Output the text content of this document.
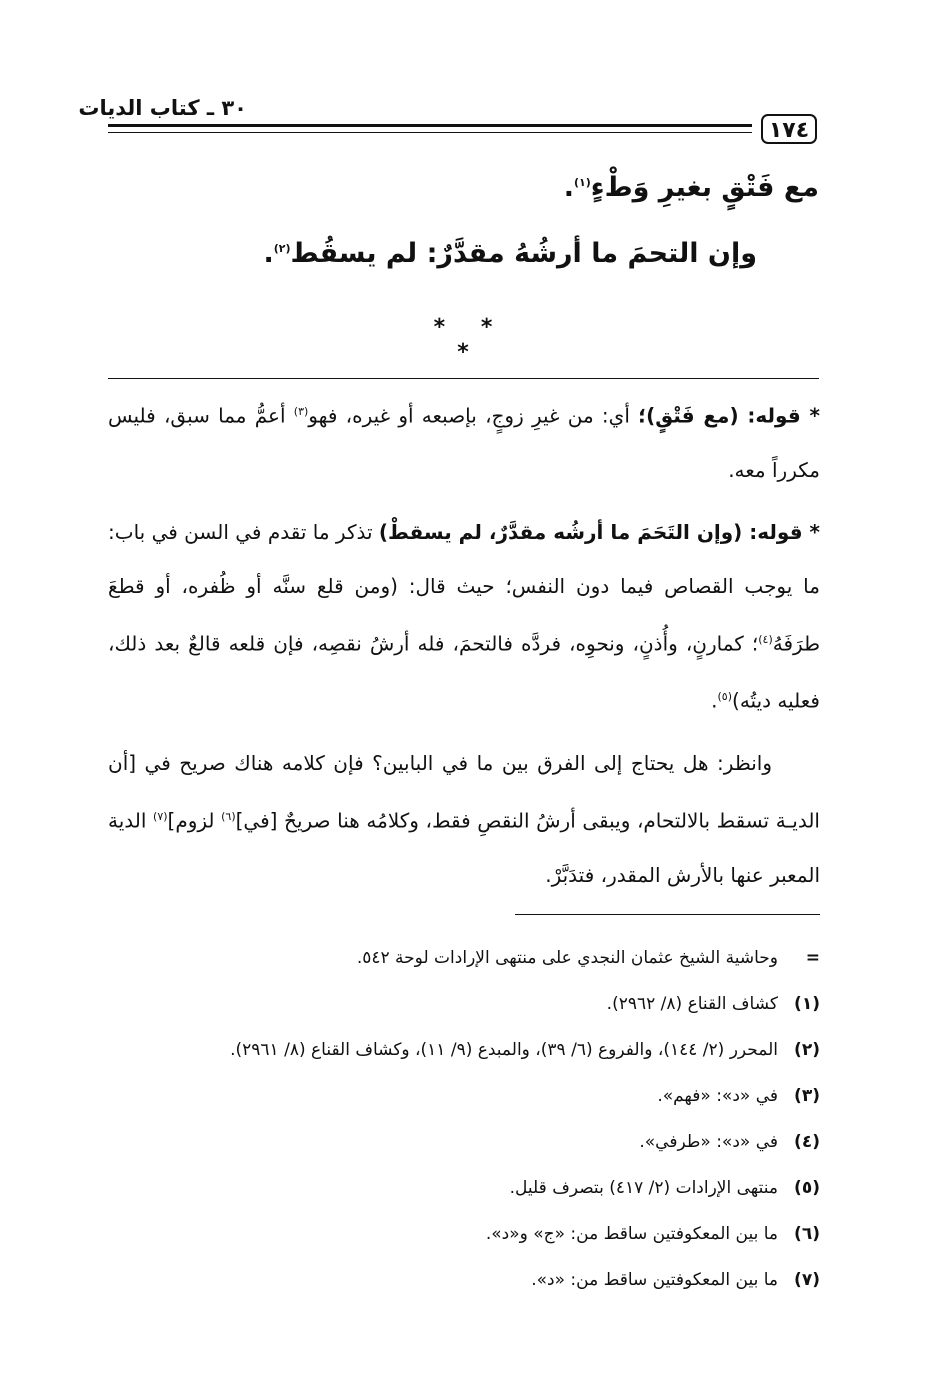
٣٠ ـ كتاب الديات
١٧٤
مع فَتْقٍ بغيرِ وَطْءٍ$^{(١)}$.
وإن التحمَ ما أرشُهُ مقدَّرٌ: لم يسقُط$^{(٢)}$.
* * *

* قوله: (مع فَتْقٍ)؛ أي: من غيرِ زوجٍ، بإصبعه أو غيره، فهو$^{(٣)}$ أعمُّ مما سبق، فليس مكرراً معه.

* قوله: (وإن التَحَمَ ما أرشُه مقدَّرٌ، لم يسقطْ) تذكر ما تقدم في السن في باب: ما يوجب القصاص فيما دون النفس؛ حيث قال: (ومن قلع سنَّه أو ظُفره، أو قطعَ طرَفَهُ$^{(٤)}$؛ كمارنٍ، وأُذنٍ، ونحوِه، فردَّه فالتحمَ، فله أرشُ نقصِه، فإن قلعه قالعٌ بعد ذلك، فعليه ديتُه)$^{(٥)}$.

وانظر: هل يحتاج إلى الفرق بين ما في البابين؟ فإن كلامه هناك صريح في [أن الديـة تسقط بالالتحام، ويبقى أرشُ النقصِ فقط، وكلامُه هنا صريحٌ [في]$^{(٦)}$ لزوم]$^{(٧)}$ الدية المعبر عنها بالأرش المقدر، فتدَبَّرْ.

=
وحاشية الشيخ عثمان النجدي على منتهى الإرادات لوحة ٥٤٢.
(١)
كشاف القناع (٨/ ٢٩٦٢).
(٢)
المحرر (٢/ ١٤٤)، والفروع (٦/ ٣٩)، والمبدع (٩/ ١١)، وكشاف القناع (٨/ ٢٩٦١).
(٣)
في «د»: «فهم».
(٤)
في «د»: «طرفي».
(٥)
منتهى الإرادات (٢/ ٤١٧) بتصرف قليل.
(٦)
ما بين المعكوفتين ساقط من: «ج» و«د».
(٧)
ما بين المعكوفتين ساقط من: «د».
